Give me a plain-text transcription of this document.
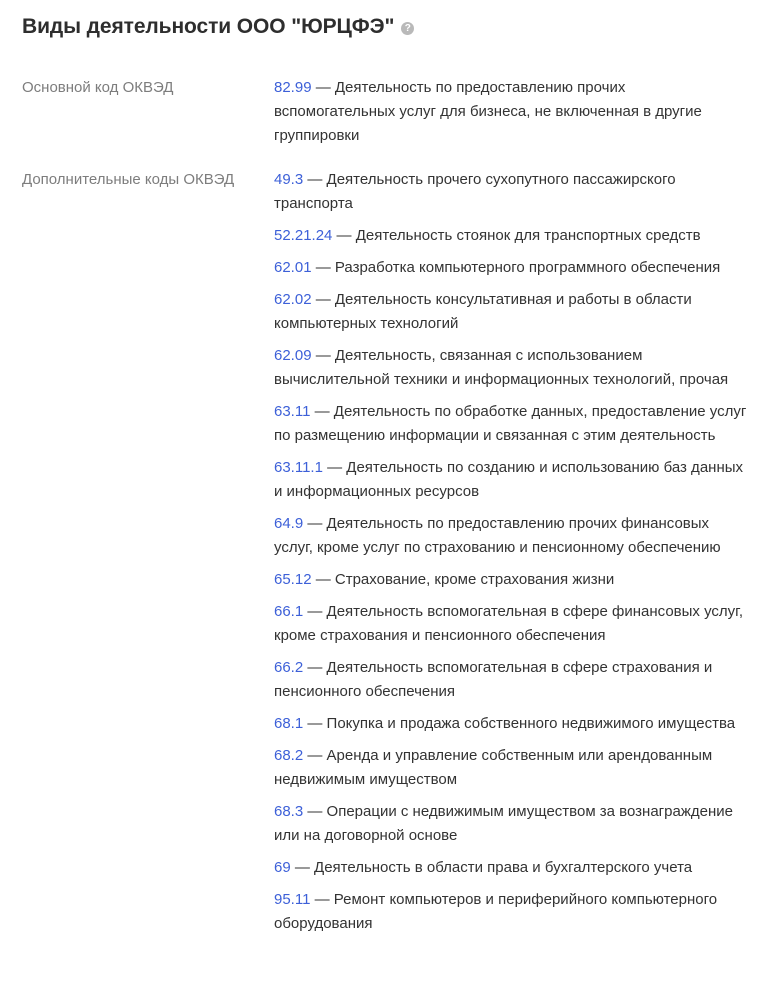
Виды деятельности ООО "ЮРЦФЭ"	?
Основной код ОКВЭД	82.99 — Деятельность по предоставлению прочих вспомогательных услуг для бизнеса, не включенная в другие группировки
Дополнительные коды ОКВЭД	49.3 — Деятельность прочего сухопутного пассажирского транспорта
52.21.24 — Деятельность стоянок для транспортных средств
62.01 — Разработка компьютерного программного обеспечения
62.02 — Деятельность консультативная и работы в области компьютерных технологий
62.09 — Деятельность, связанная с использованием вычислительной техники и информационных технологий, прочая
63.11 — Деятельность по обработке данных, предоставление услуг по размещению информации и связанная с этим деятельность
63.11.1 — Деятельность по созданию и использованию баз данных и информационных ресурсов
64.9 — Деятельность по предоставлению прочих финансовых услуг, кроме услуг по страхованию и пенсионному обеспечению
65.12 — Страхование, кроме страхования жизни
66.1 — Деятельность вспомогательная в сфере финансовых услуг, кроме страхования и пенсионного обеспечения
66.2 — Деятельность вспомогательная в сфере страхования и пенсионного обеспечения
68.1 — Покупка и продажа собственного недвижимого имущества
68.2 — Аренда и управление собственным или арендованным недвижимым имуществом
68.3 — Операции с недвижимым имуществом за вознаграждение или на договорной основе
69 — Деятельность в области права и бухгалтерского учета
95.11 — Ремонт компьютеров и периферийного компьютерного оборудования
